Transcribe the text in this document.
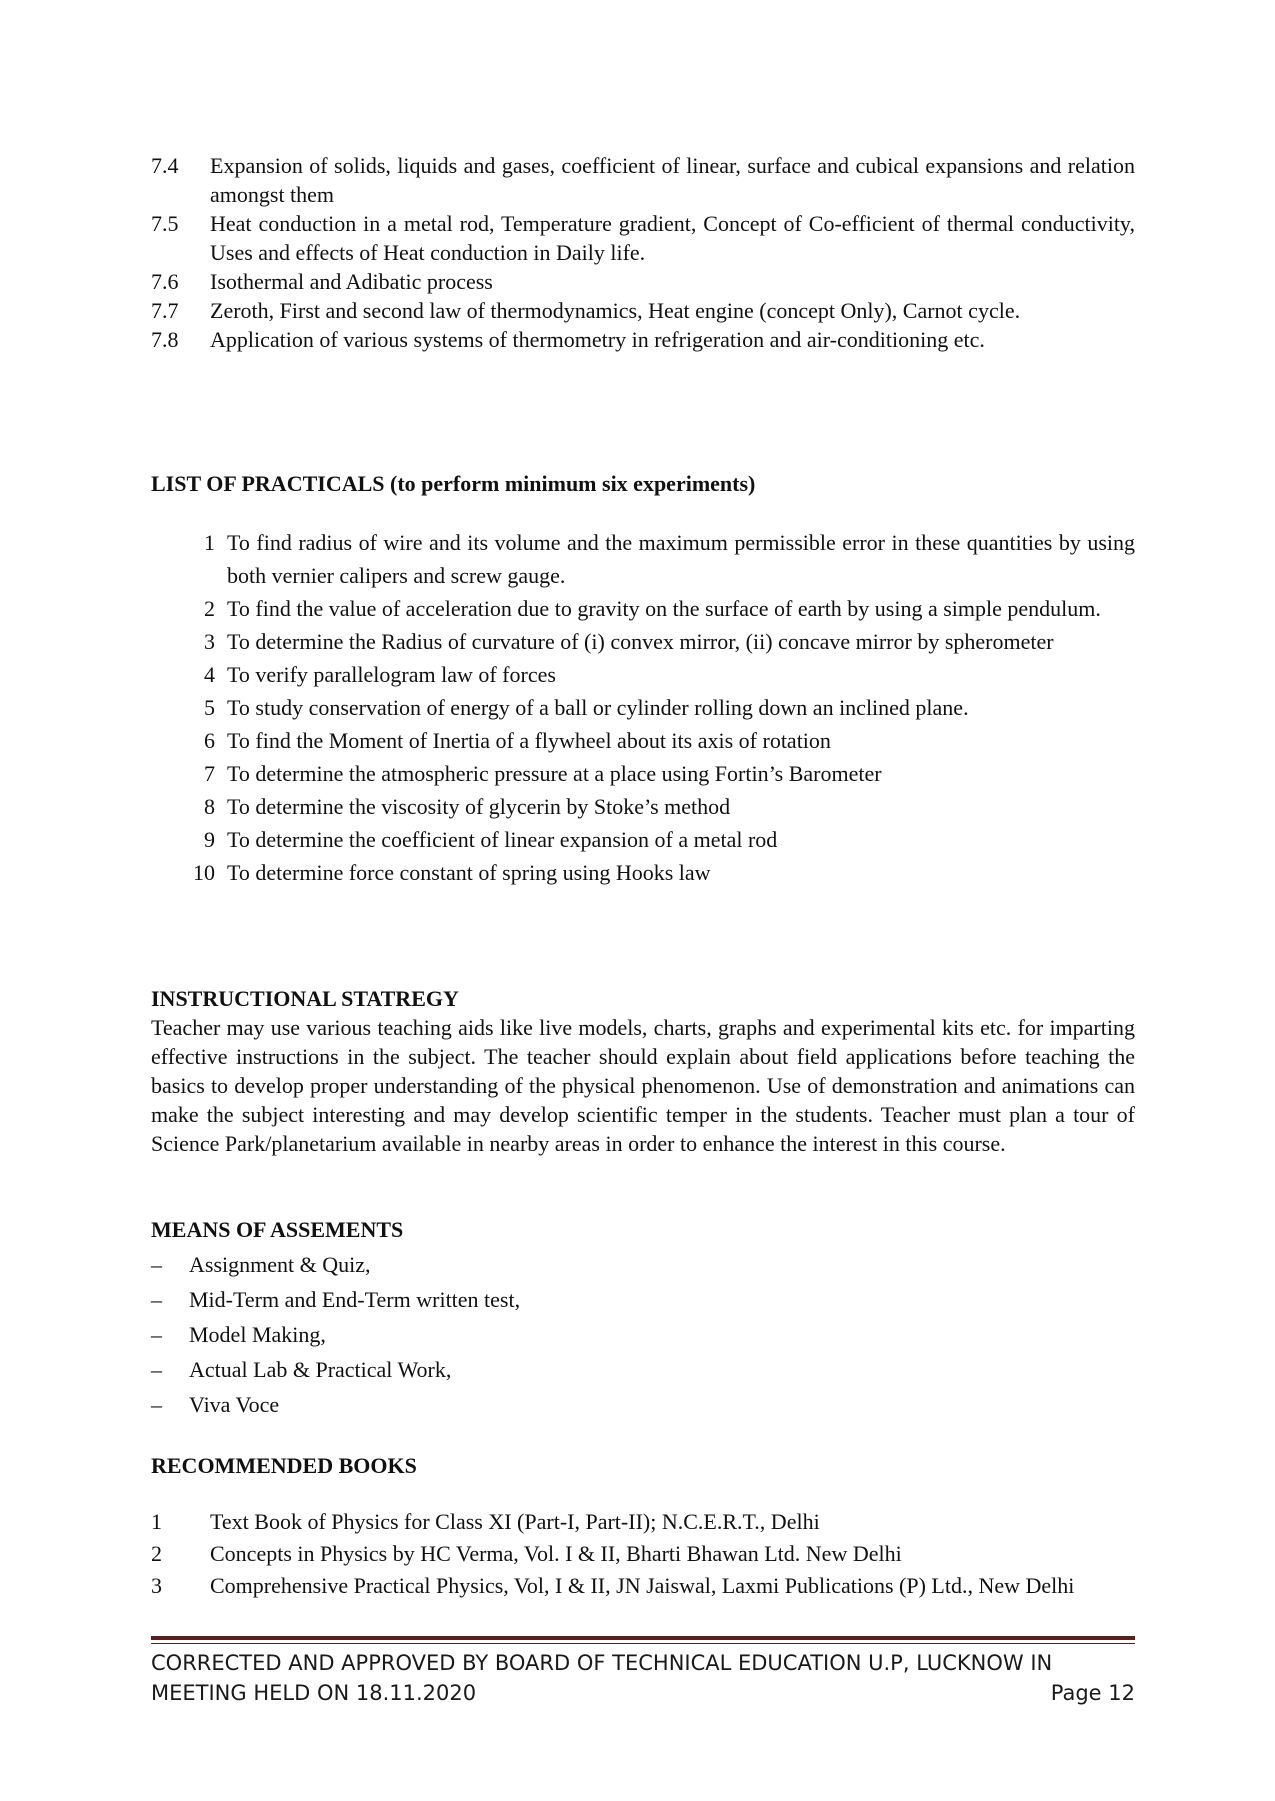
7.4	Expansion of solids, liquids and gases, coefficient of linear, surface and cubical expansions and relation amongst them
7.5	Heat conduction in a metal rod, Temperature gradient, Concept of Co-efficient of thermal conductivity, Uses and effects of Heat conduction in Daily life.
7.6	Isothermal and Adibatic process
7.7	Zeroth, First and second law of thermodynamics, Heat engine (concept Only), Carnot cycle.
7.8	Application of various systems of thermometry in refrigeration and air-conditioning etc.
LIST OF PRACTICALS (to perform minimum six experiments)
1 To find radius of wire and its volume and the maximum permissible error in these quantities by using both vernier calipers and screw gauge.
2 To find the value of acceleration due to gravity on the surface of earth by using a simple pendulum.
3 To determine the Radius of curvature of (i) convex mirror, (ii) concave mirror by spherometer
4 To verify parallelogram law of forces
5 To study conservation of energy of a ball or cylinder rolling down an inclined plane.
6 To find the Moment of Inertia of a flywheel about its axis of rotation
7 To determine the atmospheric pressure at a place using Fortin’s Barometer
8 To determine the viscosity of glycerin by Stoke’s method
9 To determine the coefficient of linear expansion of a metal rod
10 To determine force constant of spring using Hooks law
INSTRUCTIONAL STATREGY

Teacher may use various teaching aids like live models, charts, graphs and experimental kits etc. for imparting effective instructions in the subject. The teacher should explain about field applications before teaching the basics to develop proper understanding of the physical phenomenon. Use of demonstration and animations can make the subject interesting and may develop scientific temper in the students. Teacher must plan a tour of Science Park/planetarium available in nearby areas in order to enhance the interest in this course.

MEANS OF ASSEMENTS
–	Assignment & Quiz,
–	Mid-Term and End-Term written test,
–	Model Making,
–	Actual Lab & Practical Work,
–	Viva Voce
RECOMMENDED BOOKS
1	Text Book of Physics for Class XI (Part-I, Part-II); N.C.E.R.T., Delhi
2	Concepts in Physics by HC Verma, Vol. I & II, Bharti Bhawan Ltd. New Delhi
3	Comprehensive Practical Physics, Vol, I & II, JN Jaiswal, Laxmi Publications (P) Ltd., New Delhi
CORRECTED AND APPROVED BY BOARD OF TECHNICAL EDUCATION U.P, LUCKNOW IN
MEETING HELD ON 18.11.2020	Page 12
